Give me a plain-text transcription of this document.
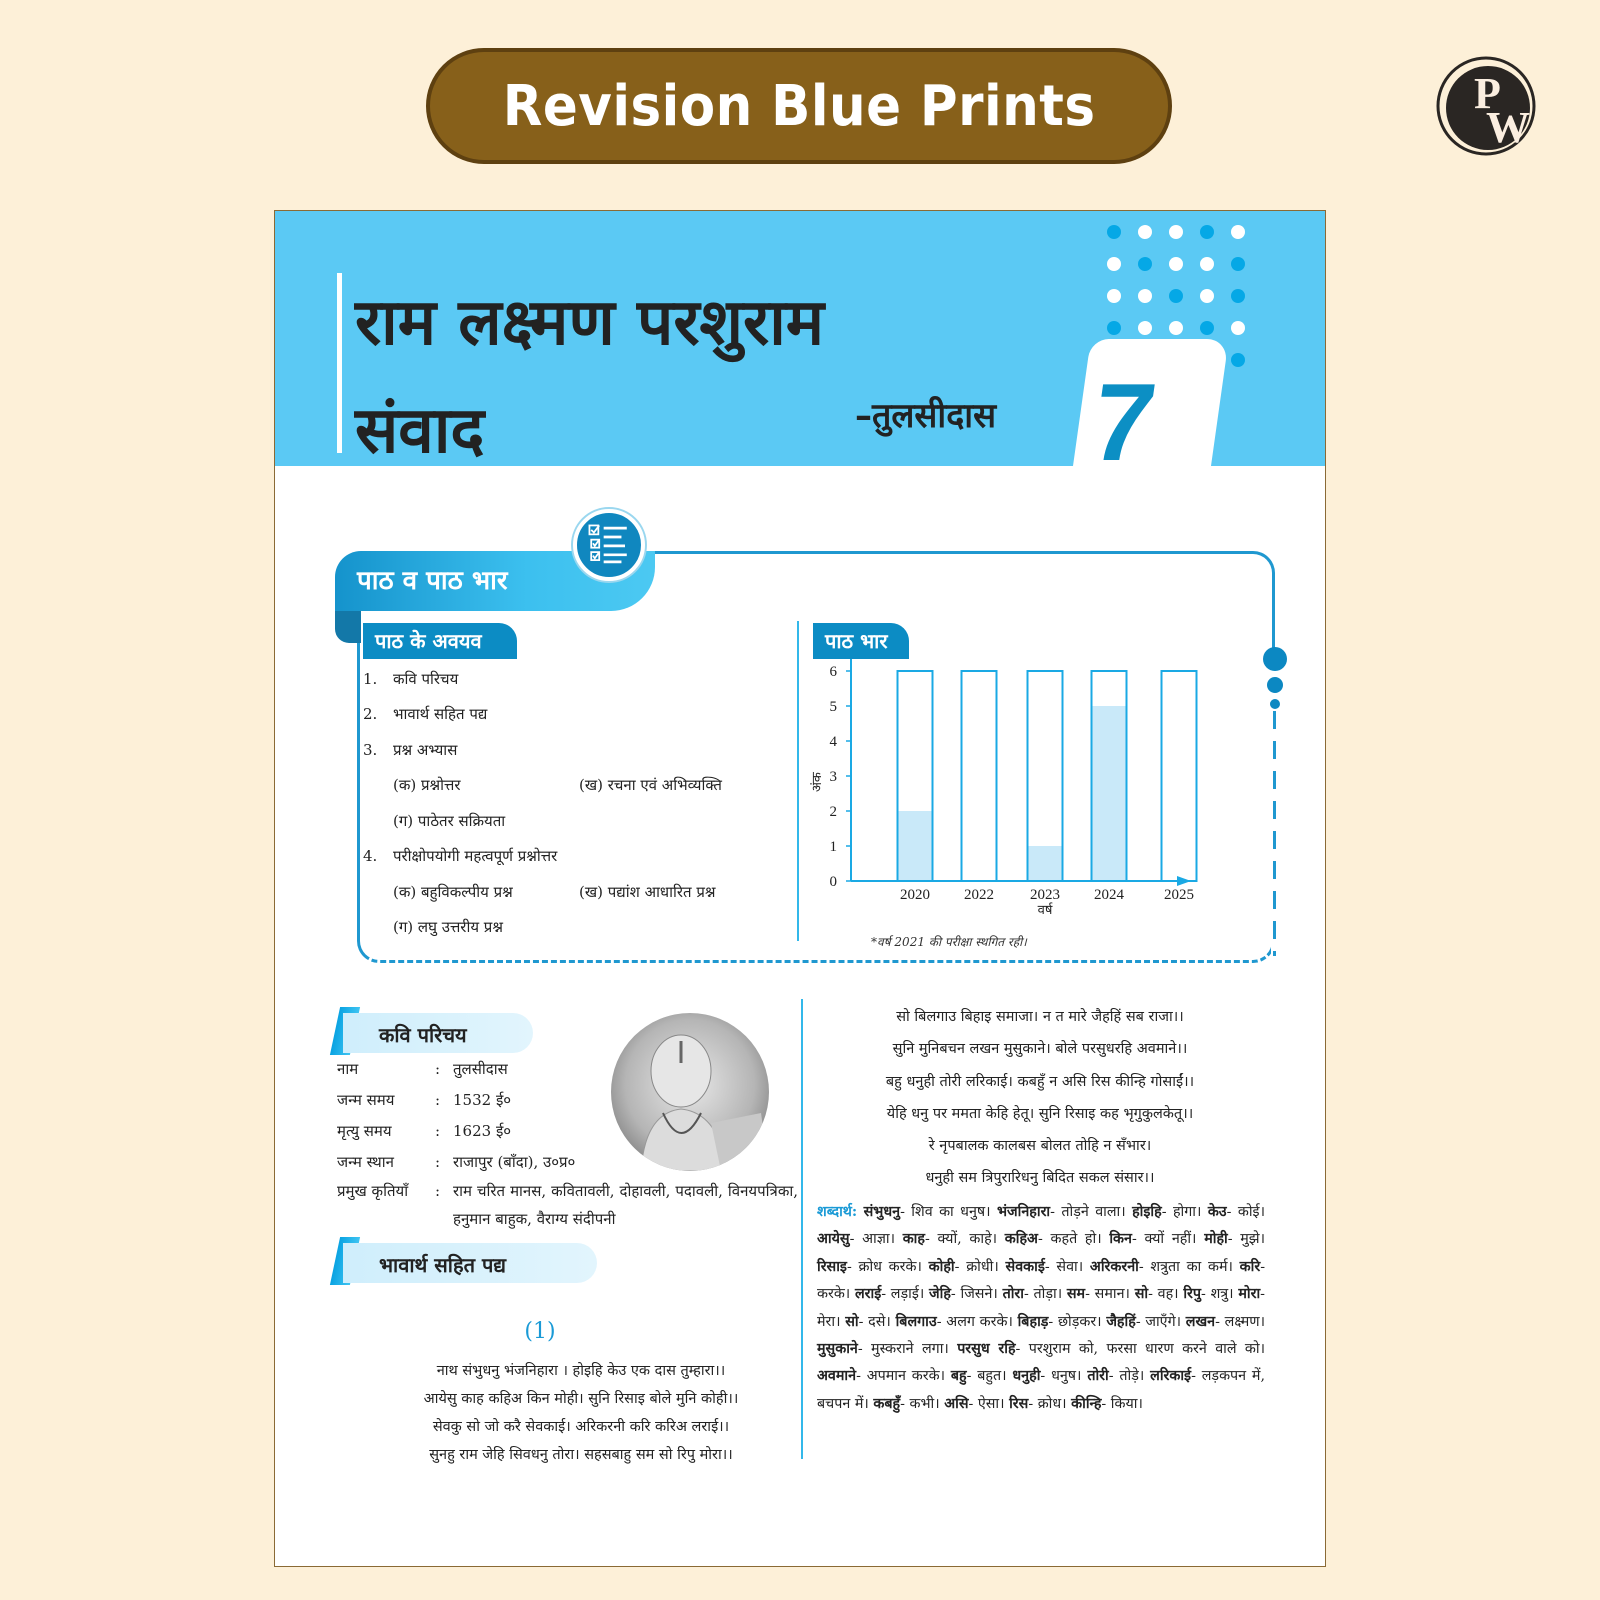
Revision Blue Prints	P
W
राम लक्ष्मण परशुराम
संवाद	–तुलसीदास 7
पाठ व पाठ भार
पाठ के अवयव	पाठ भार
1.	कवि परिचय
2.	भावार्थ सहित पद्य
3.	प्रश्न अभ्यास
(क) प्रश्नोत्तर	(ख) रचना एवं अभिव्यक्ति
(ग) पाठेतर सक्रियता
4.	परीक्षोपयोगी महत्वपूर्ण प्रश्नोत्तर
(क) बहुविकल्पीय प्रश्न	(ख) पद्यांश आधारित प्रश्न
(ग) लघु उत्तरीय प्रश्न
0
1
2
3
4
5
6
अंक
2020 2022 2023 2024	2025
वर्ष
*वर्ष 2021 की परीक्षा स्थगित रही।
कवि परिचय
नाम	: तुलसीदास
जन्म समय	: 1532 ई०
मृत्यु समय	: 1623 ई०
जन्म स्थान	: राजापुर (बाँदा), उ०प्र०
प्रमुख कृतियाँ	: राम चरित मानस, कवितावली, दोहावली, पदावली, विनयपत्रिका, हनुमान बाहुक, वैराग्य संदीपनी
भावार्थ सहित पद्य
(1)
नाथ संभुधनु भंजनिहारा । होइहि केउ एक दास तुम्हारा।।
आयेसु काह कहिअ किन मोही। सुनि रिसाइ बोले मुनि कोही।।
सेवकु सो जो करै सेवकाई। अरिकरनी करि करिअ लराई।।
सुनहु राम जेहि सिवधनु तोरा। सहसबाहु सम सो रिपु मोरा।।
सो बिलगाउ बिहाइ समाजा। न त मारे जैहहिं सब राजा।।
सुनि मुनिबचन लखन मुसुकाने। बोले परसुधरहि अवमाने।।
बहु धनुही तोरी लरिकाई। कबहुँ न असि रिस कीन्हि गोसाईं।।
येहि धनु पर ममता केहि हेतू। सुनि रिसाइ कह भृगुकुलकेतू।।
रे नृपबालक कालबस बोलत तोहि न सँभार।
धनुही सम त्रिपुरारिधनु बिदित सकल संसार।।
शब्दार्थ: संभुधनु- शिव का धनुष। भंजनिहारा- तोड़ने वाला। होइहि- होगा। केउ- कोई। आयेसु- आज्ञा। काह- क्यों, काहे। कहिअ- कहते हो। किन- क्यों नहीं। मोही- मुझे। रिसाइ- क्रोध करके। कोही- क्रोधी। सेवकाई- सेवा। अरिकरनी- शत्रुता का कर्म। करि- करके। लराई- लड़ाई। जेहि- जिसने। तोरा- तोड़ा। सम- समान। सो- वह। रिपु- शत्रु। मोरा- मेरा। सो- दसे। बिलगाउ- अलग करके। बिहाड़- छोड़कर। जैहहिं- जाएँगे। लखन- लक्ष्मण। मुसुकाने- मुस्कराने लगा। परसुध रहि- परशुराम को, फरसा धारण करने वाले को। अवमाने- अपमान करके। बहु- बहुत। धनुही- धनुष। तोरी- तोड़े। लरिकाई- लड़कपन में, बचपन में। कबहुँ- कभी। असि- ऐसा। रिस- क्रोध। कीन्हि- किया।
